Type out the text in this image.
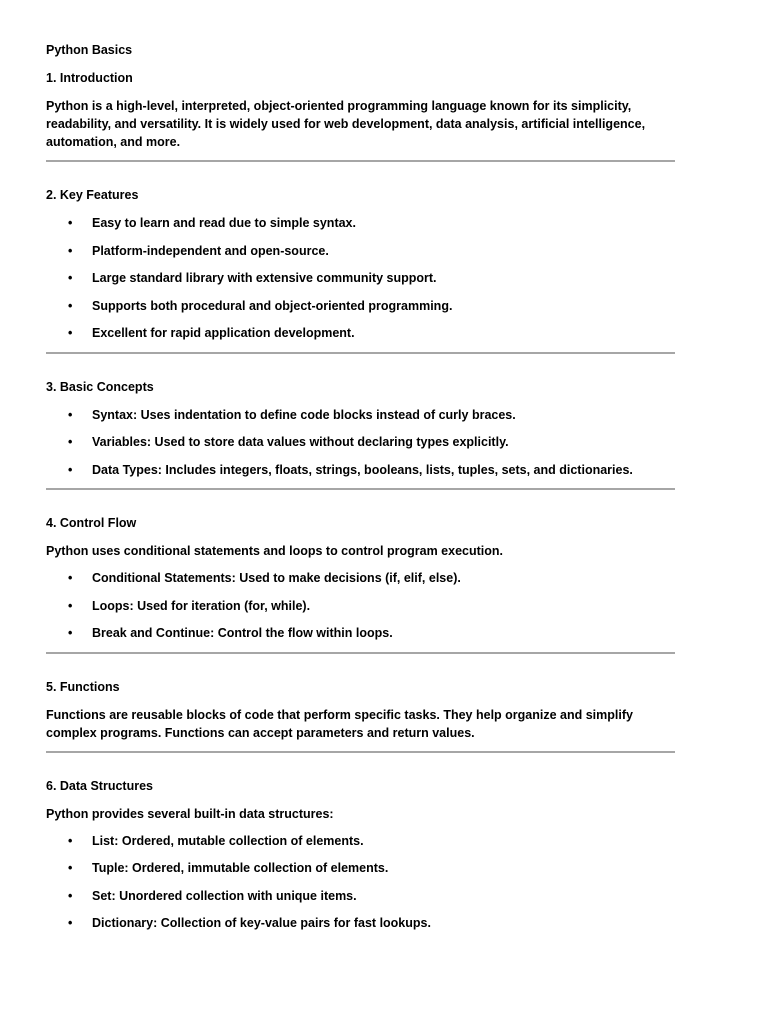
Python Basics
1. Introduction

Python is a high-level, interpreted, object-oriented programming language known for its simplicity, readability, and versatility. It is widely used for web development, data analysis, artificial intelligence, automation, and more.

2. Key Features
• Easy to learn and read due to simple syntax.
• Platform-independent and open-source.
• Large standard library with extensive community support.
• Supports both procedural and object-oriented programming.
• Excellent for rapid application development.
3. Basic Concepts
• Syntax: Uses indentation to define code blocks instead of curly braces.
• Variables: Used to store data values without declaring types explicitly.
• Data Types: Includes integers, floats, strings, booleans, lists, tuples, sets, and dictionaries.
4. Control Flow

Python uses conditional statements and loops to control program execution.

• Conditional Statements: Used to make decisions (if, elif, else).
• Loops: Used for iteration (for, while).
• Break and Continue: Control the flow within loops.
5. Functions

Functions are reusable blocks of code that perform specific tasks. They help organize and simplify complex programs. Functions can accept parameters and return values.

6. Data Structures

Python provides several built-in data structures:

• List: Ordered, mutable collection of elements.
• Tuple: Ordered, immutable collection of elements.
• Set: Unordered collection with unique items.
• Dictionary: Collection of key-value pairs for fast lookups.
